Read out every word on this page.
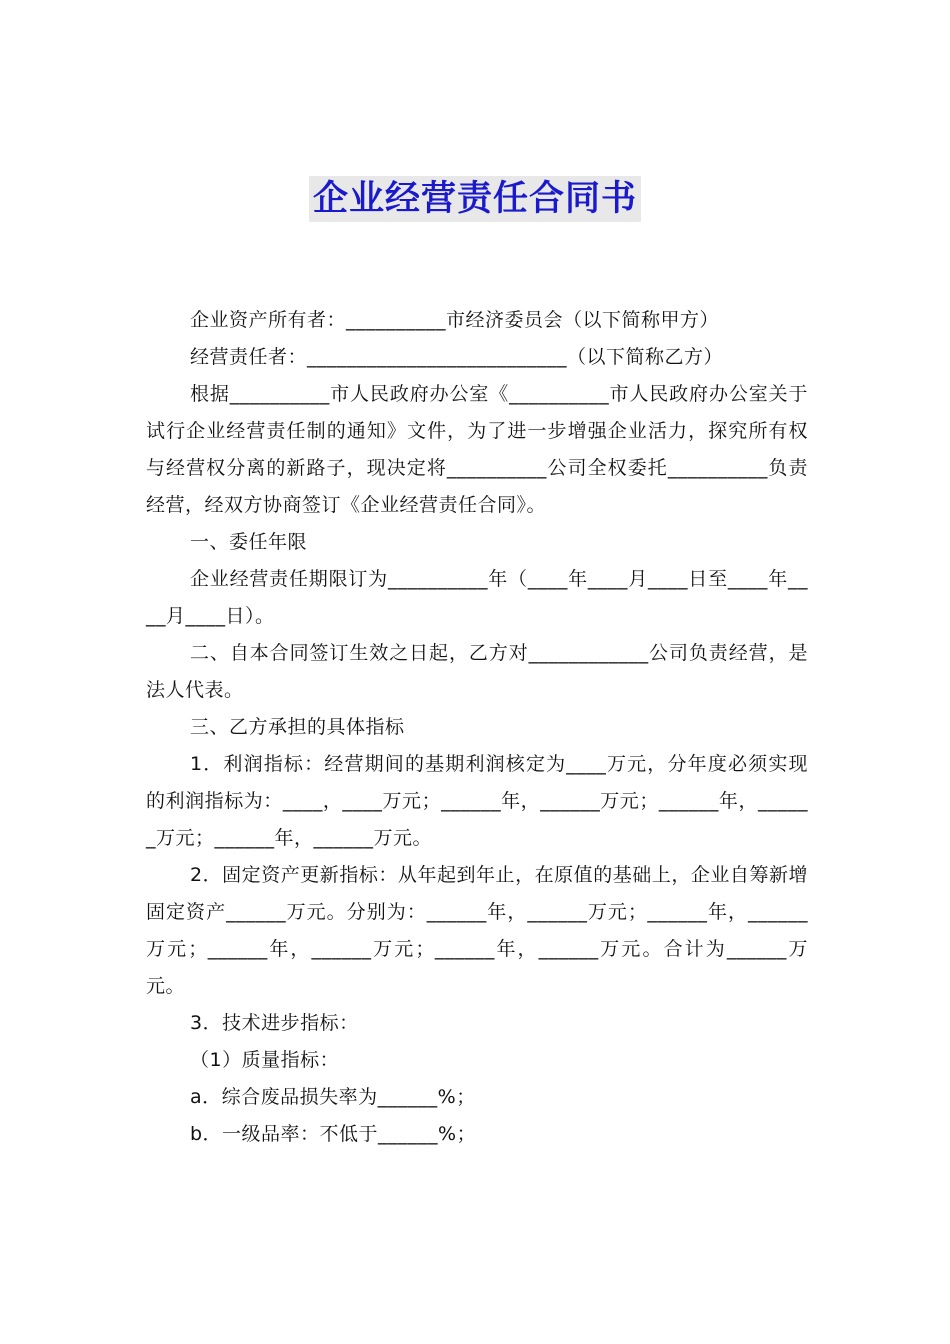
企业经营责任合同书

企业资产所有者：__________市经济委员会（以下简称甲方）

经营责任者：__________________________（以下简称乙方）

根据__________市人民政府办公室《__________市人民政府办公室关于试行企业经营责任制的通知》文件，为了进一步增强企业活力，探究所有权与经营权分离的新路子，现决定将__________公司全权委托__________负责经营，经双方协商签订《企业经营责任合同》。

一、委任年限

企业经营责任期限订为__________年（____年____月____日至____年____月____日）。

二、自本合同签订生效之日起，乙方对____________公司负责经营，是法人代表。

三、乙方承担的具体指标

1．利润指标：经营期间的基期利润核定为____万元，分年度必须实现的利润指标为：____，____万元；______年，______万元；______年，______万元；______年，______万元。

2．固定资产更新指标：从年起到年止，在原值的基础上，企业自筹新增固定资产______万元。分别为：______年，______万元；______年，______万元；______年，______万元；______年，______万元。合计为______万元。

3．技术进步指标：

（1）质量指标：

a．综合废品损失率为______%；

b．一级品率：不低于______%；
